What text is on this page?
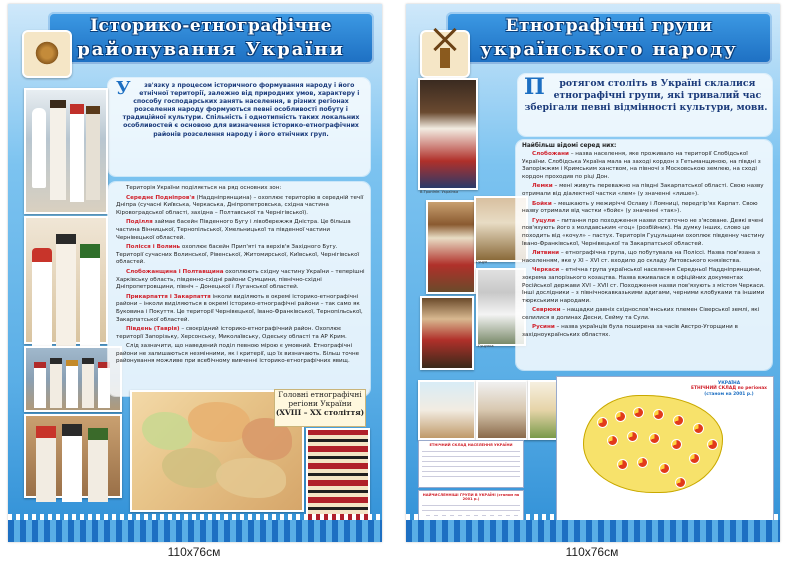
Історико-етнографічне
районування України
У зв'язку з процесом історичного формування народу і його етнічної території, залежно від природних умов, характеру і способу господарських занять населення, в різних регіонах розселення народу формуються певні особливості побуту і традиційної культури. Спільність і однотипність таких локальних особливостей є основою для визначення історико-етнографічних районів розселення народу і його етнічних груп.

Територія України поділяється на ряд основних зон:

Середнє Подніпров'я (Наддніпрянщина) – охоплює територію в середній течії Дніпра (сучасні Київська, Черкаська, Дніпропетровська, східна частина Кіровоградської області, західна – Полтавської та Чернігівської).

Поділля займає басейн Південного Бугу і лівобережжя Дністра. Це більша частина Вінницької, Тернопільської, Хмельницької та південної частини Чернівецької областей.

Полісся і Волинь охоплює басейн Прип'яті та верхів'я Західного Бугу. Території сучасних Волинської, Рівенської, Житомирської, Київської, Чернігівської областей.

Слобожанщина і Полтавщина охоплюють східну частину України – теперішні Харківську область, південно-східні райони Сумщини, північно-східні Дніпропетровщини, північ – Донецької і Луганської областей.

Прикарпаття і Закарпаття інколи виділяють в окремі історико-етнографічні райони – інколи виділяються в окремі історико-етнографічні райони – так само як Буковина і Покуття. Це території Чернівецької, Івано-Франківської, Тернопільської, Закарпатської областей.

Південь (Таврія) – своєрідний історико-етнографічний район. Охоплює території Запорізьку, Херсонську, Миколаївську, Одеську області та АР Крим.

Слід зазначити, що наведений поділ певною мірою є умовний. Етнографічні райони не залишаються незмінними, як і критерії, що їх визначають. Більш точне районування можливе при всебічному вивченні історико-етнографічних явищ.

Головні етнографічні
регіони України
(XVIII – XX століття)
Етнографічні групи
українського народу
П ротягом століть в Україні склалися етнографічні групи, які тривалий час зберігали певні відмінності культури, мови.
В.Тропінін. Українка
Гуцул
Гуцулка
Найбільш відомі серед них:

Слобожани – назва населення, яке проживало на території Слобідської України. Слобідська Україна мала на заході кордон з Гетьманщиною, на півдні з Запоріжжям і Кримським ханством, на півночі з Московською землею, на сході кордон проходив по ріці Дон.

Лемки – мені живуть переважно на півдні Закарпатської області. Свою назву отримали від діалектної частки «лем» (у значенні «лише»).

Бойки – мешкають у межиріччі Ославу і Ломниці, передгір'ях Карпат. Свою назву отримали від частки «бойє» (у значенні «так»).

Гуцули – питання про походження назви остаточно не з'ясоване. Деякі вчені пов'язують його з молдавським «гоц» (розбійник). На думку інших, слово це походить від «кочул» – пастух. Територія Гуцульщини охоплює південну частину Івано-Франківської, Чернівецької та Закарпатської областей.

Литвини – етнографічна група, що побутувала на Поліссі. Назва пов'язана з населенням, яке у XI – XVI ст. входило до складу Литовського князівства.

Черкаси – етнічна група української населення Середньої Наддніпрянщини, зокрема запорізького козацтва. Назва вживалася в офіційних документах Російської держави XVI – XVII ст. Походження назви пов'язують з містом Черкаси. Інші дослідники – з північнокавказькими адигами, черними клобуками та іншими тюркськими народами.

Севрюки – нащадки давніх східнослов'янських племен Сіверської землі, які селилися в долинах Десни, Сейму та Сули.

Русини – назва українців була поширена за часів Австро-Угорщини в західноукраїнських областях.

ЕТНІЧНИЙ СКЛАД НАСЕЛЕННЯ УКРАЇНИ
НАЙЧИСЛЕННІШІ ГРУПИ В УКРАЇНІ (станом на 2001 р.)
УКРАЇНА
ЕТНІЧНИЙ СКЛАД по регіонах
(станом на 2001 р.)
110x76см	110x76см
